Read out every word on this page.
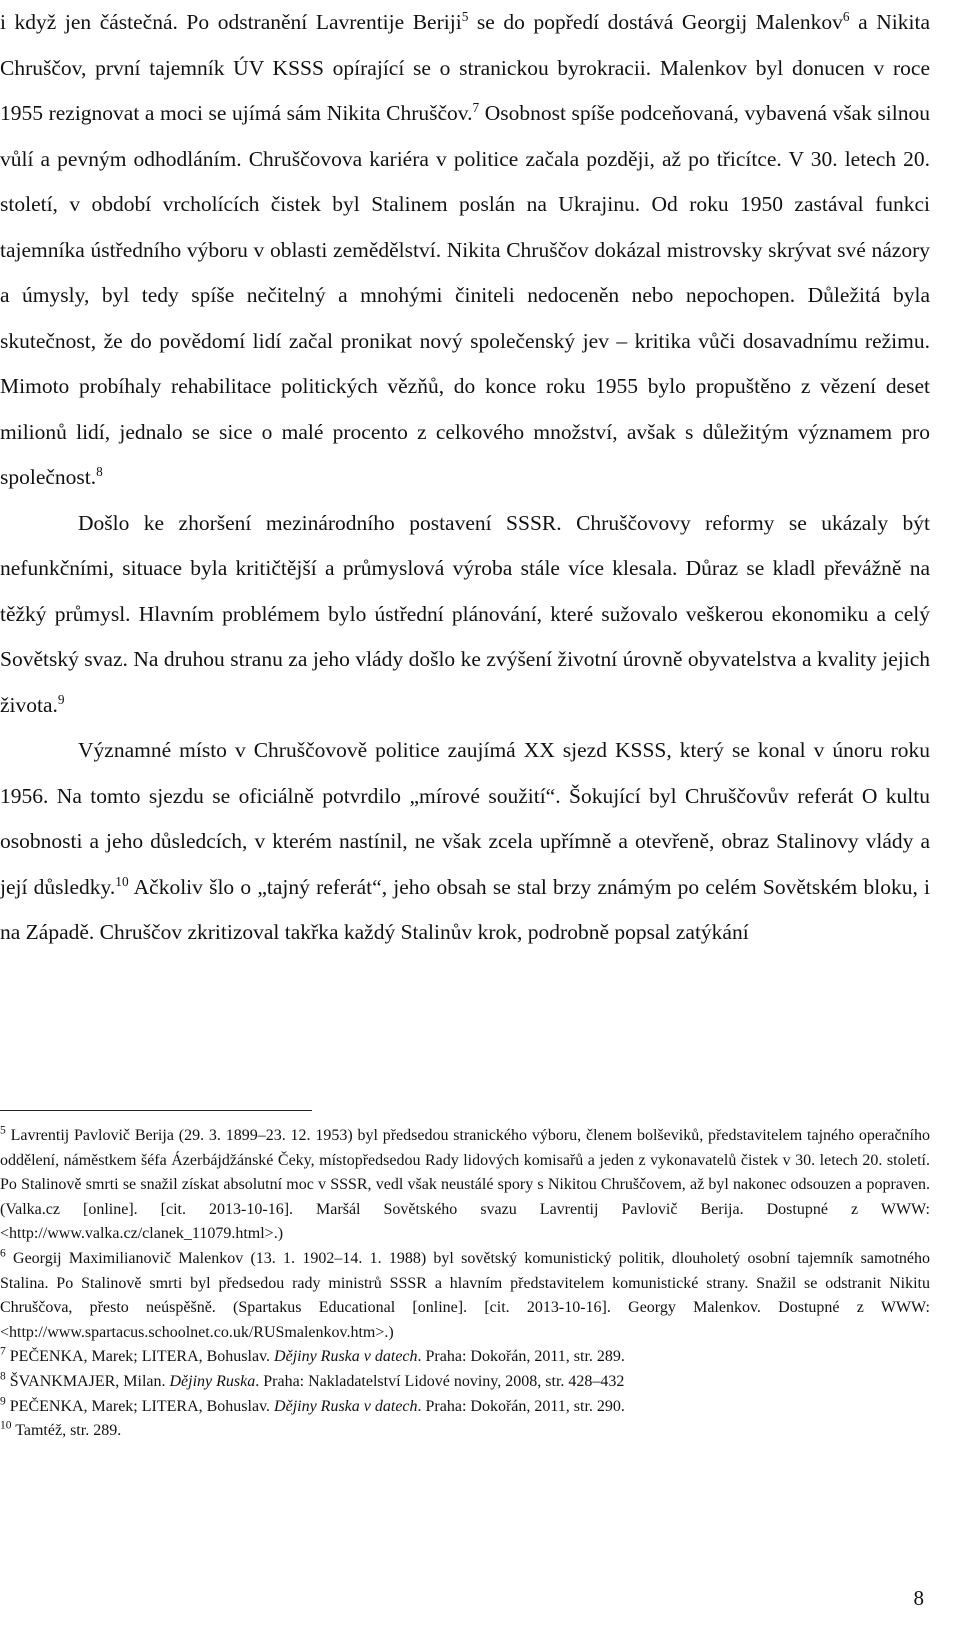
i když jen částečná. Po odstranění Lavrentije Beriji$^5$ se do popředí dostává Georgij Malenkov$^6$ a Nikita Chruščov, první tajemník ÚV KSSS opírající se o stranickou byrokracii. Malenkov byl donucen v roce 1955 rezignovat a moci se ujímá sám Nikita Chruščov.$^7$ Osobnost spíše podceňovaná, vybavená však silnou vůlí a pevným odhodláním. Chruščovova kariéra v politice začala později, až po třicítce. V 30. letech 20. století, v období vrcholících čistek byl Stalinem poslán na Ukrajinu. Od roku 1950 zastával funkci tajemníka ústředního výboru v oblasti zemědělství. Nikita Chruščov dokázal mistrovsky skrývat své názory a úmysly, byl tedy spíše nečitelný a mnohými činiteli nedoceněn nebo nepochopen. Důležitá byla skutečnost, že do povědomí lidí začal pronikat nový společenský jev – kritika vůči dosavadnímu režimu. Mimoto probíhaly rehabilitace politických vězňů, do konce roku 1955 bylo propuštěno z vězení deset milionů lidí, jednalo se sice o malé procento z celkového množství, avšak s důležitým významem pro společnost.$^8$

Došlo ke zhoršení mezinárodního postavení SSSR. Chruščovovy reformy se ukázaly být nefunkčními, situace byla kritičtější a průmyslová výroba stále více klesala. Důraz se kladl převážně na těžký průmysl. Hlavním problémem bylo ústřední plánování, které sužovalo veškerou ekonomiku a celý Sovětský svaz. Na druhou stranu za jeho vlády došlo ke zvýšení životní úrovně obyvatelstva a kvality jejich života.$^9$

Významné místo v Chruščovově politice zaujímá XX sjezd KSSS, který se konal v únoru roku 1956. Na tomto sjezdu se oficiálně potvrdilo „mírové soužití“. Šokující byl Chruščovův referát O kultu osobnosti a jeho důsledcích, v kterém nastínil, ne však zcela upřímně a otevřeně, obraz Stalinovy vlády a její důsledky.$^{10}$ Ačkoliv šlo o „tajný referát“, jeho obsah se stal brzy známým po celém Sovětském bloku, i na Západě. Chruščov zkritizoval takřka každý Stalinův krok, podrobně popsal zatýkání

$^5$ Lavrentij Pavlovič Berija (29. 3. 1899–23. 12. 1953) byl předsedou stranického výboru, členem bolševiků, představitelem tajného operačního oddělení, náměstkem šéfa Ázerbájdžánské Čeky, místopředsedou Rady lidových komisařů a jeden z vykonavatelů čistek v 30. letech 20. století. Po Stalinově smrti se snažil získat absolutní moc v SSSR, vedl však neustálé spory s Nikitou Chruščovem, až byl nakonec odsouzen a popraven. (Valka.cz [online]. [cit. 2013-10-16]. Maršál Sovětského svazu Lavrentij Pavlovič Berija. Dostupné z WWW: <http://www.valka.cz/clanek_11079.html>.)

$^6$ Georgij Maximilianovič Malenkov (13. 1. 1902–14. 1. 1988) byl sovětský komunistický politik, dlouholetý osobní tajemník samotného Stalina. Po Stalinově smrti byl předsedou rady ministrů SSSR a hlavním představitelem komunistické strany. Snažil se odstranit Nikitu Chruščova, přesto neúspěšně. (Spartakus Educational [online]. [cit. 2013-10-16]. Georgy Malenkov. Dostupné z WWW: <http://www.spartacus.schoolnet.co.uk/RUSmalenkov.htm>.)

$^7$ PEČENKA, Marek; LITERA, Bohuslav. Dějiny Ruska v datech. Praha: Dokořán, 2011, str. 289.

$^8$ ŠVANKMAJER, Milan. Dějiny Ruska. Praha: Nakladatelství Lidové noviny, 2008, str. 428–432

$^9$ PEČENKA, Marek; LITERA, Bohuslav. Dějiny Ruska v datech. Praha: Dokořán, 2011, str. 290.

$^{10}$ Tamtéž, str. 289.

8
